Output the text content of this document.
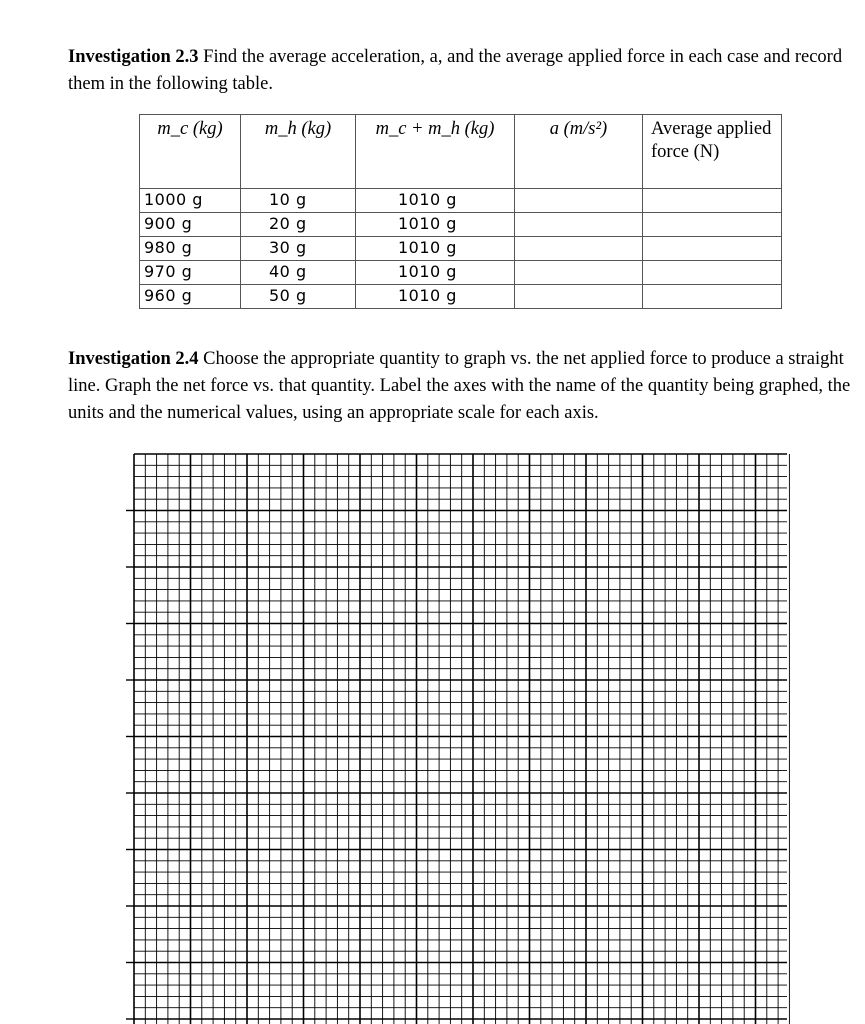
Investigation 2.3 Find the average acceleration, a, and the average applied force in each case and record them in the following table.

m_c (kg)	m_h (kg)	m_c + m_h (kg)	a (m/s²)	Average applied force (N)

1000 g	10 g	1010 g		

900 g	20 g	1010 g		

980 g	30 g	1010 g		

970 g	40 g	1010 g		

960 g	50 g	1010 g		

Investigation 2.4 Choose the appropriate quantity to graph vs. the net applied force to produce a straight line. Graph the net force vs. that quantity. Label the axes with the name of the quantity being graphed, the units and the numerical values, using an appropriate scale for each axis.
